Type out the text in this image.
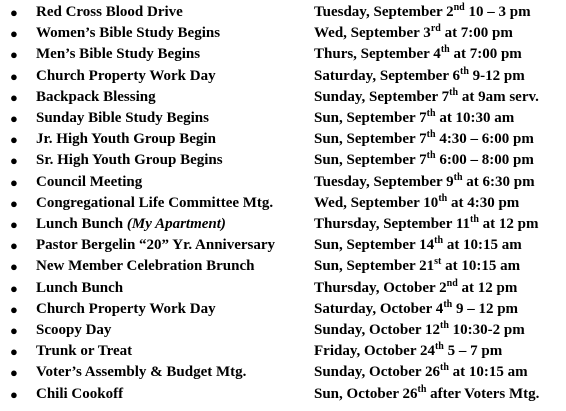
● Red Cross Blood Drive	Tuesday, September 2nd 10 – 3 pm
● Women’s Bible Study Begins	Wed, September 3rd at 7:00 pm
● Men’s Bible Study Begins	Thurs, September 4th at 7:00 pm
● Church Property Work Day	Saturday, September 6th 9-12 pm
● Backpack Blessing	Sunday, September 7th at 9am serv.
● Sunday Bible Study Begins	Sun, September 7th at 10:30 am
● Jr. High Youth Group Begin	Sun, September 7th 4:30 – 6:00 pm
● Sr. High Youth Group Begins	Sun, September 7th 6:00 – 8:00 pm
● Council Meeting	Tuesday, September 9th at 6:30 pm
● Congregational Life Committee Mtg.	Wed, September 10th at 4:30 pm
● Lunch Bunch (My Apartment)	Thursday, September 11th at 12 pm
● Pastor Bergelin “20” Yr. Anniversary	Sun, September 14th at 10:15 am
● New Member Celebration Brunch	Sun, September 21st at 10:15 am
● Lunch Bunch	Thursday, October 2nd at 12 pm
● Church Property Work Day	Saturday, October 4th 9 – 12 pm
● Scoopy Day	Sunday, October 12th 10:30-2 pm
● Trunk or Treat	Friday, October 24th 5 – 7 pm
● Voter’s Assembly & Budget Mtg.	Sunday, October 26th at 10:15 am
● Chili Cookoff	Sun, October 26th after Voters Mtg.
